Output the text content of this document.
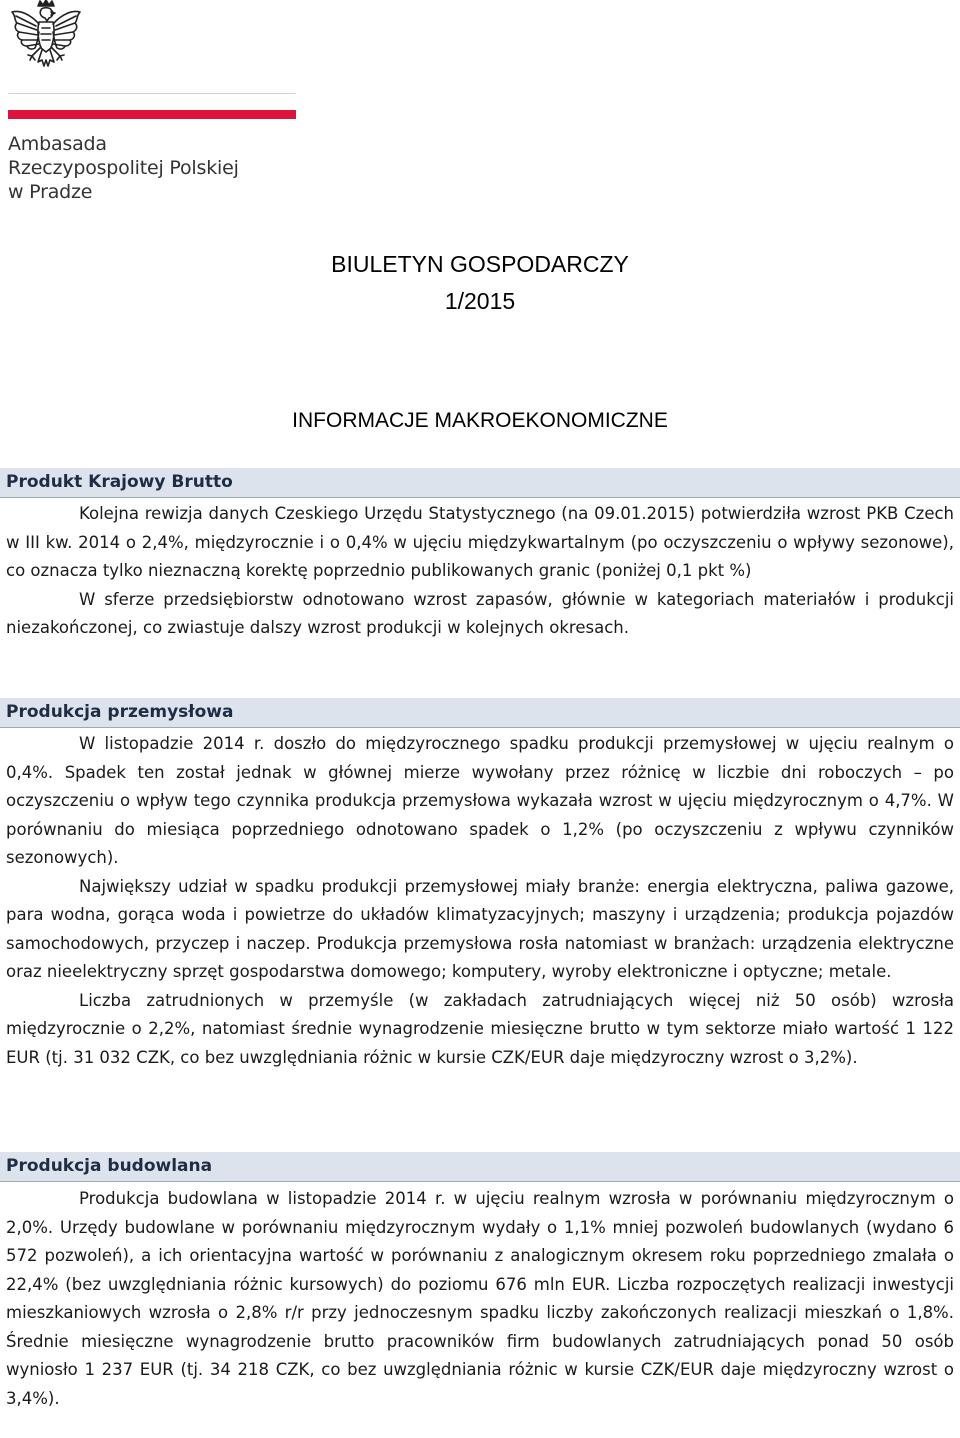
Ambasada
Rzeczypospolitej Polskiej
w Pradze
BIULETYN GOSPODARCZY
1/2015
INFORMACJE MAKROEKONOMICZNE
Produkt Krajowy Brutto

Kolejna rewizja danych Czeskiego Urzędu Statystycznego (na 09.01.2015) potwierdziła wzrost PKB Czech w III kw. 2014 o 2,4%, międzyrocznie i o 0,4% w ujęciu międzykwartalnym (po oczyszczeniu o wpływy sezonowe), co oznacza tylko nieznaczną korektę poprzednio publikowanych granic (poniżej 0,1 pkt %)

W sferze przedsiębiorstw odnotowano wzrost zapasów, głównie w kategoriach materiałów i produkcji niezakończonej, co zwiastuje dalszy wzrost produkcji w kolejnych okresach.

Produkcja przemysłowa

W listopadzie 2014 r. doszło do międzyrocznego spadku produkcji przemysłowej w ujęciu realnym o 0,4%. Spadek ten został jednak w głównej mierze wywołany przez różnicę w liczbie dni roboczych – po oczyszczeniu o wpływ tego czynnika produkcja przemysłowa wykazała wzrost w ujęciu międzyrocznym o 4,7%. W porównaniu do miesiąca poprzedniego odnotowano spadek o 1,2% (po oczyszczeniu z wpływu czynników sezonowych).

Największy udział w spadku produkcji przemysłowej miały branże: energia elektryczna, paliwa gazowe, para wodna, gorąca woda i powietrze do układów klimatyzacyjnych; maszyny i urządzenia; produkcja pojazdów samochodowych, przyczep i naczep. Produkcja przemysłowa rosła natomiast w branżach: urządzenia elektryczne oraz nieelektryczny sprzęt gospodarstwa domowego; komputery, wyroby elektroniczne i optyczne; metale.

Liczba zatrudnionych w przemyśle (w zakładach zatrudniających więcej niż 50 osób) wzrosła międzyrocznie o 2,2%, natomiast średnie wynagrodzenie miesięczne brutto w tym sektorze miało wartość 1 122 EUR (tj. 31 032 CZK, co bez uwzględniania różnic w kursie CZK/EUR daje międzyroczny wzrost o 3,2%).

Produkcja budowlana

Produkcja budowlana w listopadzie 2014 r. w ujęciu realnym wzrosła w porównaniu międzyrocznym o 2,0%. Urzędy budowlane w porównaniu międzyrocznym wydały o 1,1% mniej pozwoleń budowlanych (wydano 6 572 pozwoleń), a ich orientacyjna wartość w porównaniu z analogicznym okresem roku poprzedniego zmalała o 22,4% (bez uwzględniania różnic kursowych) do poziomu 676 mln EUR. Liczba rozpoczętych realizacji inwestycji mieszkaniowych wzrosła o 2,8% r/r przy jednoczesnym spadku liczby zakończonych realizacji mieszkań o 1,8%. Średnie miesięczne wynagrodzenie brutto pracowników firm budowlanych zatrudniających ponad 50 osób wyniosło 1 237 EUR (tj. 34 218 CZK, co bez uwzględniania różnic w kursie CZK/EUR daje międzyroczny wzrost o 3,4%).
